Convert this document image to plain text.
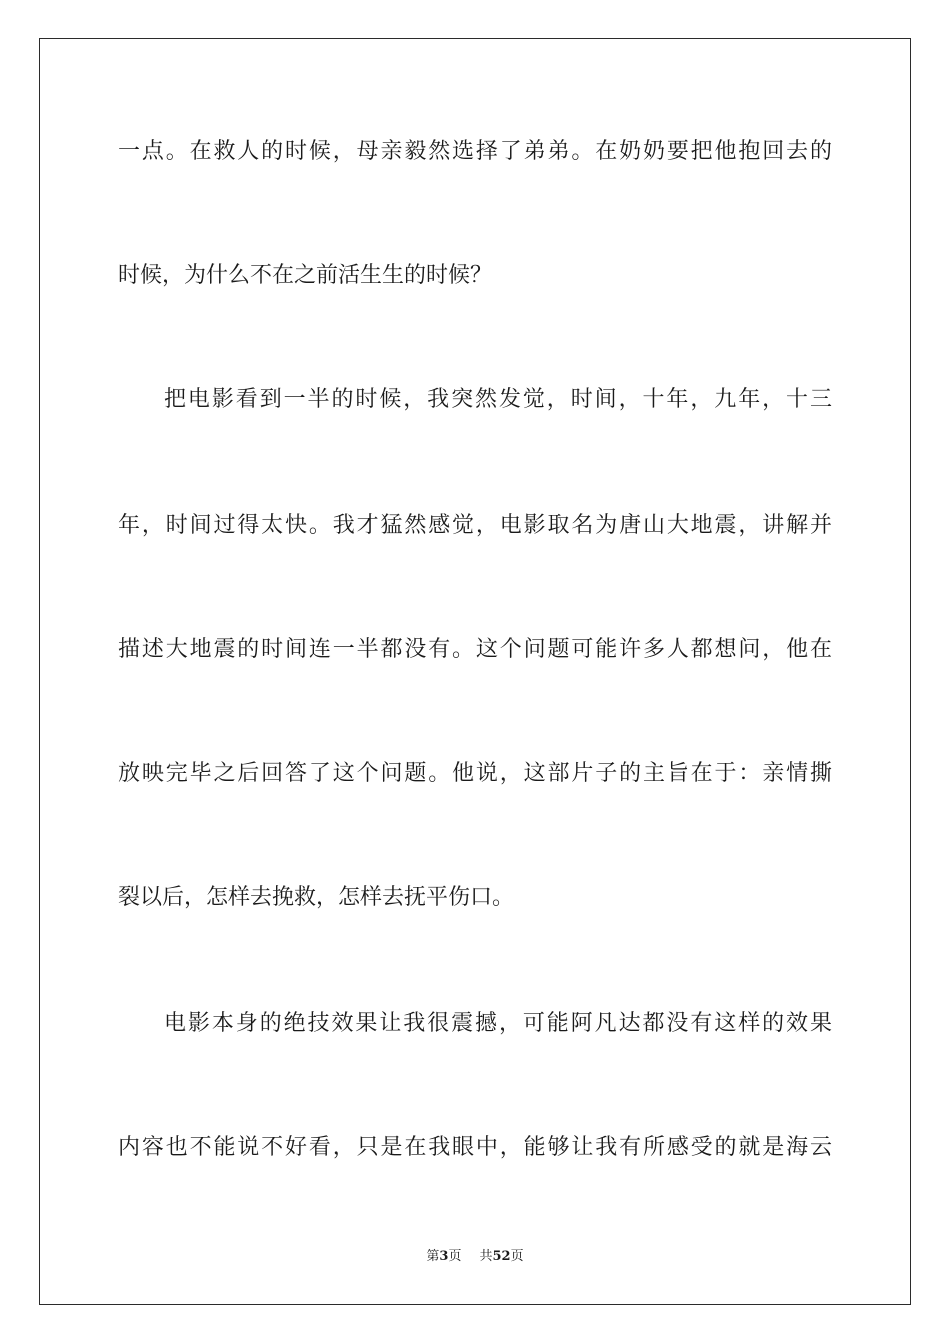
一点。在救人的时候，母亲毅然选择了弟弟。在奶奶要把他抱回去的
时候，为什么不在之前活生生的时候？
把电影看到一半的时候，我突然发觉，时间，十年，九年，十三
年，时间过得太快。我才猛然感觉，电影取名为唐山大地震，讲解并
描述大地震的时间连一半都没有。这个问题可能许多人都想问，他在
放映完毕之后回答了这个问题。他说，这部片子的主旨在于：亲情撕
裂以后，怎样去挽救，怎样去抚平伤口。
电影本身的绝技效果让我很震撼，可能阿凡达都没有这样的效果
内容也不能说不好看，只是在我眼中，能够让我有所感受的就是海云
第3页 共52页
